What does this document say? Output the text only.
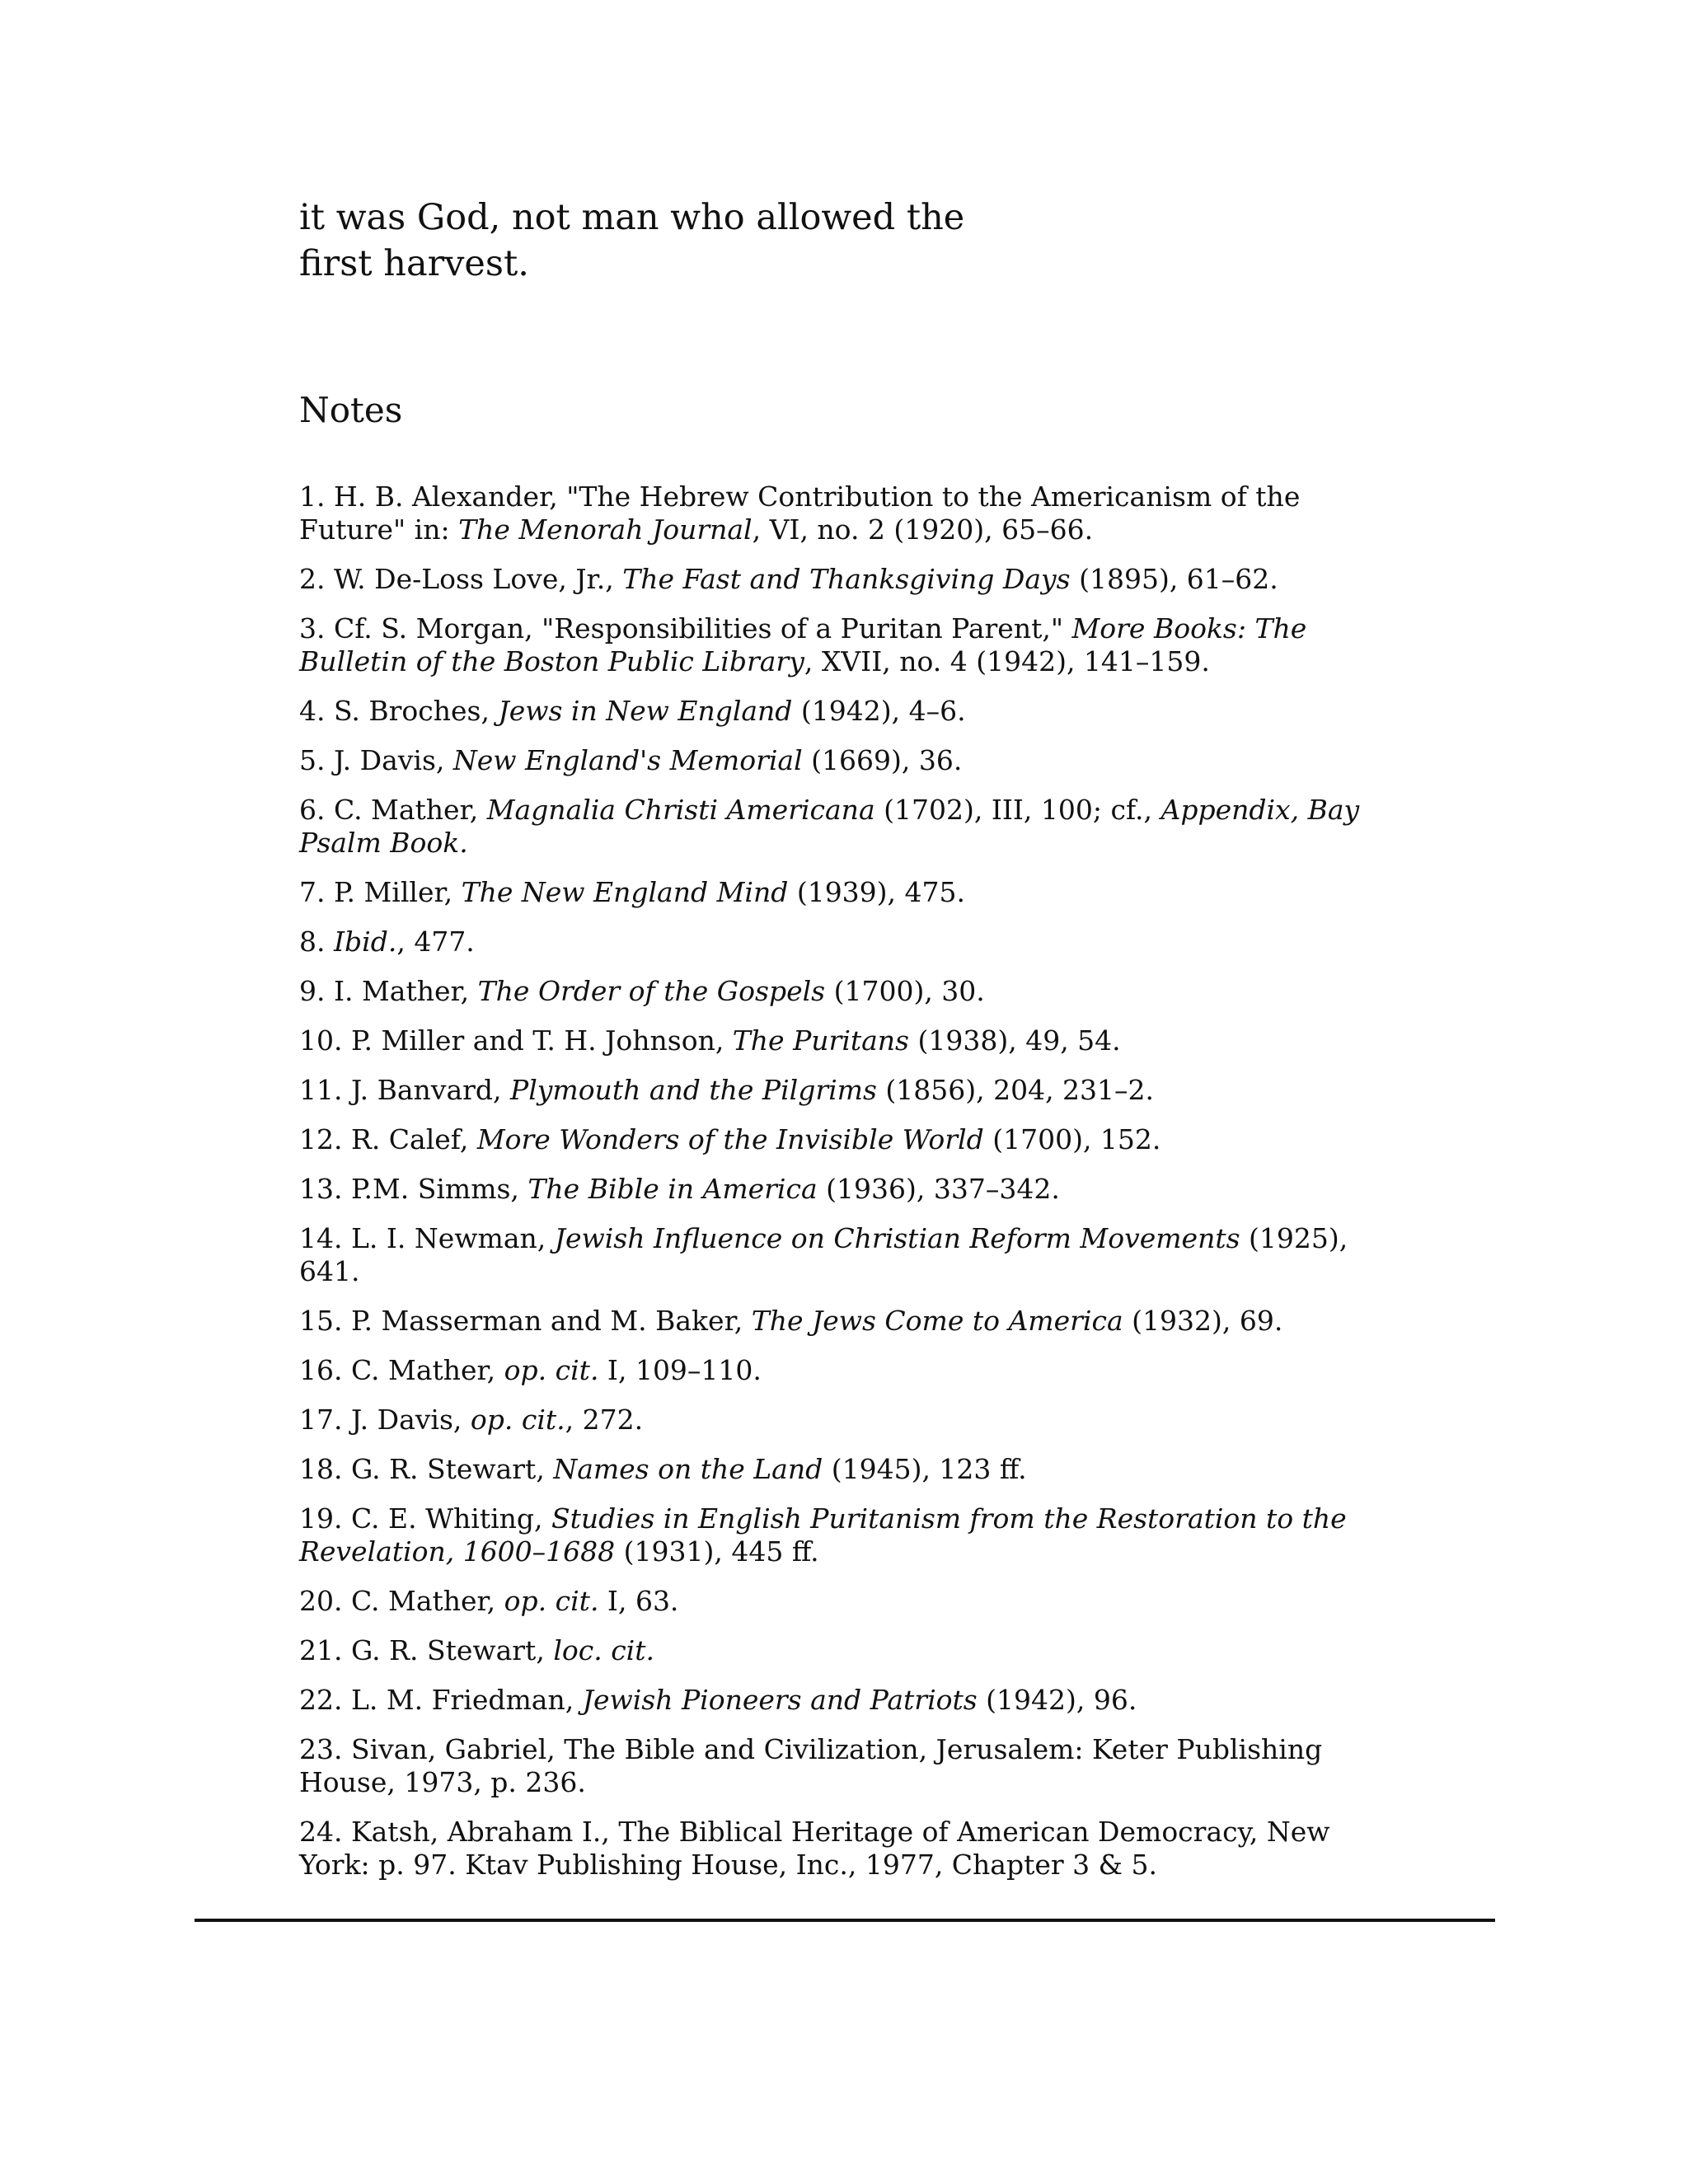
it was God, not man who allowed the first harvest.

Notes
1. H. B. Alexander, "The Hebrew Contribution to the Americanism of the Future" in: The Menorah Journal, VI, no. 2 (1920), 65–66.
2. W. De-Loss Love, Jr., The Fast and Thanksgiving Days (1895), 61–62.
3. Cf. S. Morgan, "Responsibilities of a Puritan Parent," More Books: The Bulletin of the Boston Public Library, XVII, no. 4 (1942), 141–159.
4. S. Broches, Jews in New England (1942), 4–6.
5. J. Davis, New England's Memorial (1669), 36.
6. C. Mather, Magnalia Christi Americana (1702), III, 100; cf., Appendix, Bay Psalm Book.
7. P. Miller, The New England Mind (1939), 475.
8. Ibid., 477.
9. I. Mather, The Order of the Gospels (1700), 30.
10. P. Miller and T. H. Johnson, The Puritans (1938), 49, 54.
11. J. Banvard, Plymouth and the Pilgrims (1856), 204, 231–2.
12. R. Calef, More Wonders of the Invisible World (1700), 152.
13. P.M. Simms, The Bible in America (1936), 337–342.
14. L. I. Newman, Jewish Influence on Christian Reform Movements (1925), 641.
15. P. Masserman and M. Baker, The Jews Come to America (1932), 69.
16. C. Mather, op. cit. I, 109–110.
17. J. Davis, op. cit., 272.
18. G. R. Stewart, Names on the Land (1945), 123 ff.
19. C. E. Whiting, Studies in English Puritanism from the Restoration to the Revelation, 1600–1688 (1931), 445 ff.
20. C. Mather, op. cit. I, 63.
21. G. R. Stewart, loc. cit.
22. L. M. Friedman, Jewish Pioneers and Patriots (1942), 96.
23. Sivan, Gabriel, The Bible and Civilization, Jerusalem: Keter Publishing House, 1973, p. 236.
24. Katsh, Abraham I., The Biblical Heritage of American Democracy, New York: p. 97. Ktav Publishing House, Inc., 1977, Chapter 3 & 5.
